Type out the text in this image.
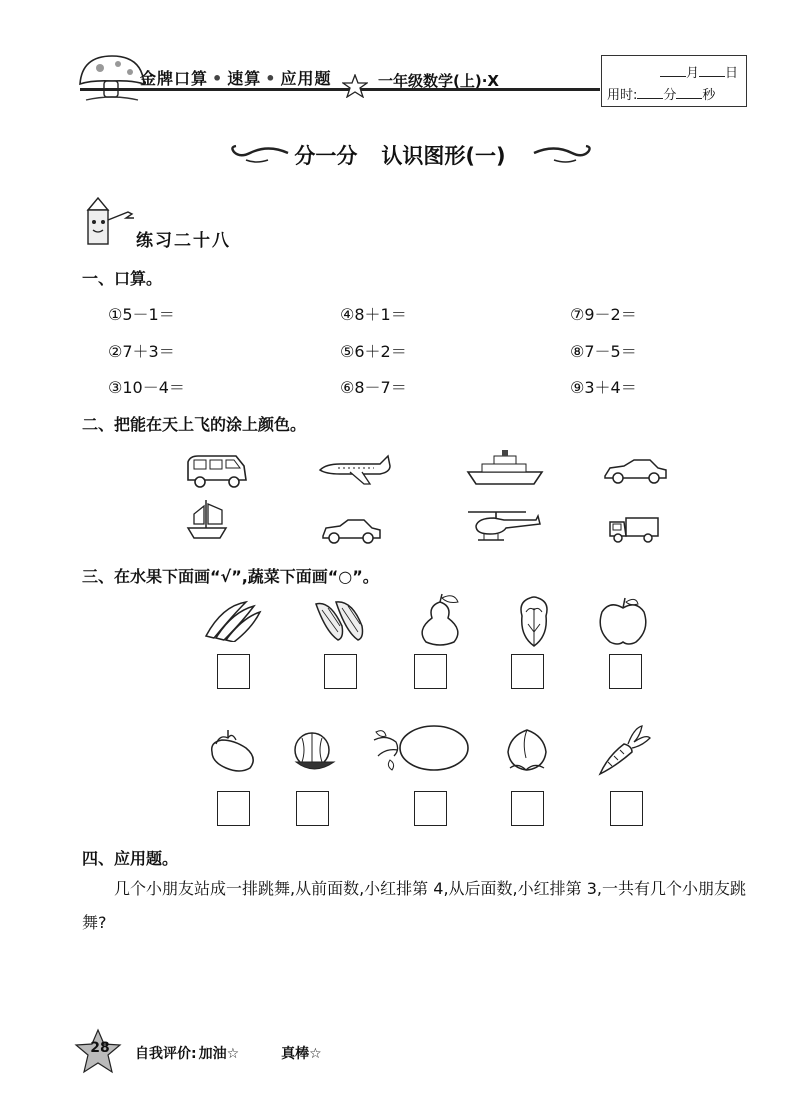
金牌口算 • 速算 • 应用题	一年级数学(上)·X	月 日
用时: 分 秒
分一分 认识图形(一)
练习二十八
一、口算。
①5－1＝	④8＋1＝	⑦9－2＝
②7＋3＝	⑤6＋2＝	⑧7－5＝
③10－4＝	⑥8－7＝	⑨3＋4＝
二、把能在天上飞的涂上颜色。
三、在水果下面画“√”,蔬菜下面画“○”。
四、应用题。
几个小朋友站成一排跳舞,从前面数,小红排第 4,从后面数,小红排第 3,一共有几个小朋友跳舞?
28	自我评价: 加油☆	真棒☆
